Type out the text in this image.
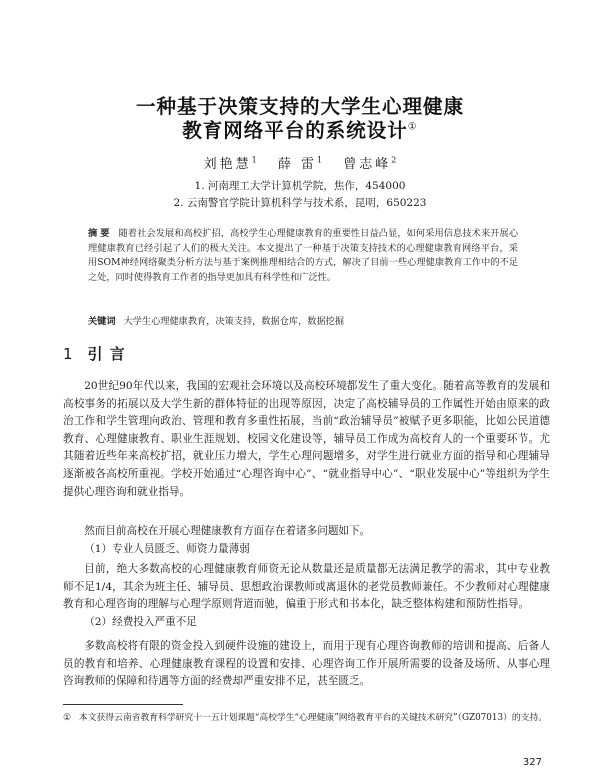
一种基于决策支持的大学生心理健康
教育网络平台的系统设计①
刘艳慧$^1$ 薛 雷$^1$ 曾志峰$^2$
1. 河南理工大学计算机学院，焦作，454000
2. 云南警官学院计算机科学与技术系，昆明，650223
摘要 随着社会发展和高校扩招，高校学生心理健康教育的重要性日益凸显，如何采用信息技术来开展心理健康教育已经引起了人们的极大关注。本文提出了一种基于决策支持技术的心理健康教育网络平台，采用SOM神经网络聚类分析方法与基于案例推理相结合的方式，解决了目前一些心理健康教育工作中的不足之处，同时使得教育工作者的指导更加具有科学性和广泛性。
关键词 大学生心理健康教育，决策支持，数据仓库，数据挖掘
1 引 言
20世纪90年代以来，我国的宏观社会环境以及高校环境都发生了重大变化。随着高等教育的发展和高校事务的拓展以及大学生新的群体特征的出现等原因，决定了高校辅导员的工作属性开始由原来的政治工作和学生管理向政治、管理和教育多重性拓展，当前“政治辅导员”被赋予更多职能，比如公民道德教育、心理健康教育、职业生涯规划、校园文化建设等，辅导员工作成为高校育人的一个重要环节。尤其随着近些年来高校扩招，就业压力增大，学生心理问题增多，对学生进行就业方面的指导和心理辅导逐渐被各高校所重视。学校开始通过“心理咨询中心”、“就业指导中心”、“职业发展中心”等组织为学生提供心理咨询和就业指导。
然而目前高校在开展心理健康教育方面存在着诸多问题如下。
（1）专业人员匮乏、师资力量薄弱
目前，绝大多数高校的心理健康教育师资无论从数量还是质量都无法满足教学的需求，其中专业教师不足1/4，其余为班主任、辅导员、思想政治课教师或离退休的老党员教师兼任。不少教师对心理健康教育和心理咨询的理解与心理学原则背道而驰，偏重于形式和书本化，缺乏整体构建和预防性指导。
（2）经费投入严重不足
多数高校将有限的资金投入到硬件设施的建设上，而用于现有心理咨询教师的培训和提高、后备人员的教育和培养、心理健康教育课程的设置和安排、心理咨询工作开展所需要的设备及场所、从事心理咨询教师的保障和待遇等方面的经费却严重安排不足，甚至匮乏。
① 本文获得云南省教育科学研究十一五计划课题“高校学生“心理健康”网络教育平台的关键技术研究”（GZ07013）的支持。
327
